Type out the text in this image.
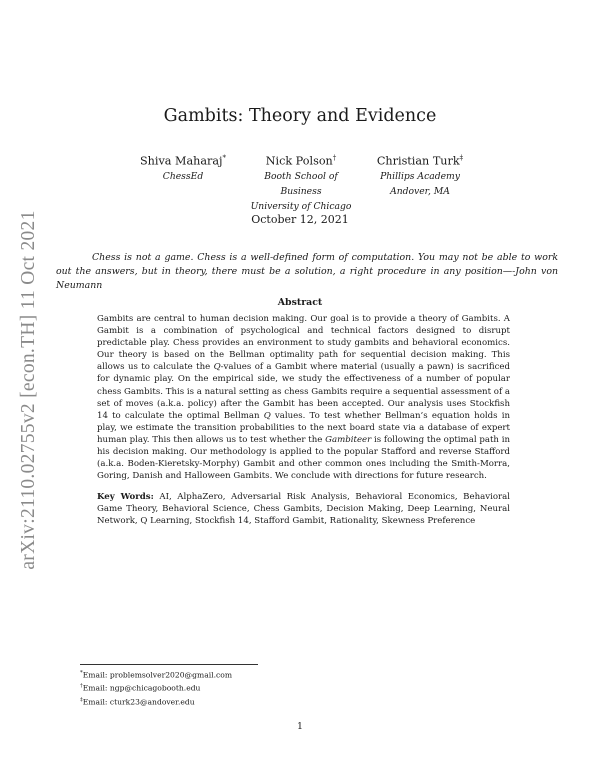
arXiv:2110.02755v2 [econ.TH] 11 Oct 2021
Gambits: Theory and Evidence
Shiva Maharaj*
ChessEd
Nick Polson†
Booth School of Business
University of Chicago
Christian Turk‡
Phillips Academy
Andover, MA
October 12, 2021
Chess is not a game. Chess is a well-defined form of computation. You may not be able to work out the answers, but in theory, there must be a solution, a right procedure in any position—-John von Neumann
Abstract

Gambits are central to human decision making. Our goal is to provide a theory of Gambits. A Gambit is a combination of psychological and technical factors designed to disrupt predictable play. Chess provides an environment to study gambits and behavioral economics. Our theory is based on the Bellman optimality path for sequential decision making. This allows us to calculate the Q-values of a Gambit where material (usually a pawn) is sacrificed for dynamic play. On the empirical side, we study the effectiveness of a number of popular chess Gambits. This is a natural setting as chess Gambits require a sequential assessment of a set of moves (a.k.a. policy) after the Gambit has been accepted. Our analysis uses Stockfish 14 to calculate the optimal Bellman Q values. To test whether Bellman’s equation holds in play, we estimate the transition probabilities to the next board state via a database of expert human play. This then allows us to test whether the Gambiteer is following the optimal path in his decision making. Our methodology is applied to the popular Stafford and reverse Stafford (a.k.a. Boden-Kieretsky-Morphy) Gambit and other common ones including the Smith-Morra, Goring, Danish and Halloween Gambits. We conclude with directions for future research.

Key Words: AI, AlphaZero, Adversarial Risk Analysis, Behavioral Economics, Behavioral Game Theory, Behavioral Science, Chess Gambits, Decision Making, Deep Learning, Neural Network, Q Learning, Stockfish 14, Stafford Gambit, Rationality, Skewness Preference

*Email: problemsolver2020@gmail.com
†Email: ngp@chicagobooth.edu
‡Email: cturk23@andover.edu
1
